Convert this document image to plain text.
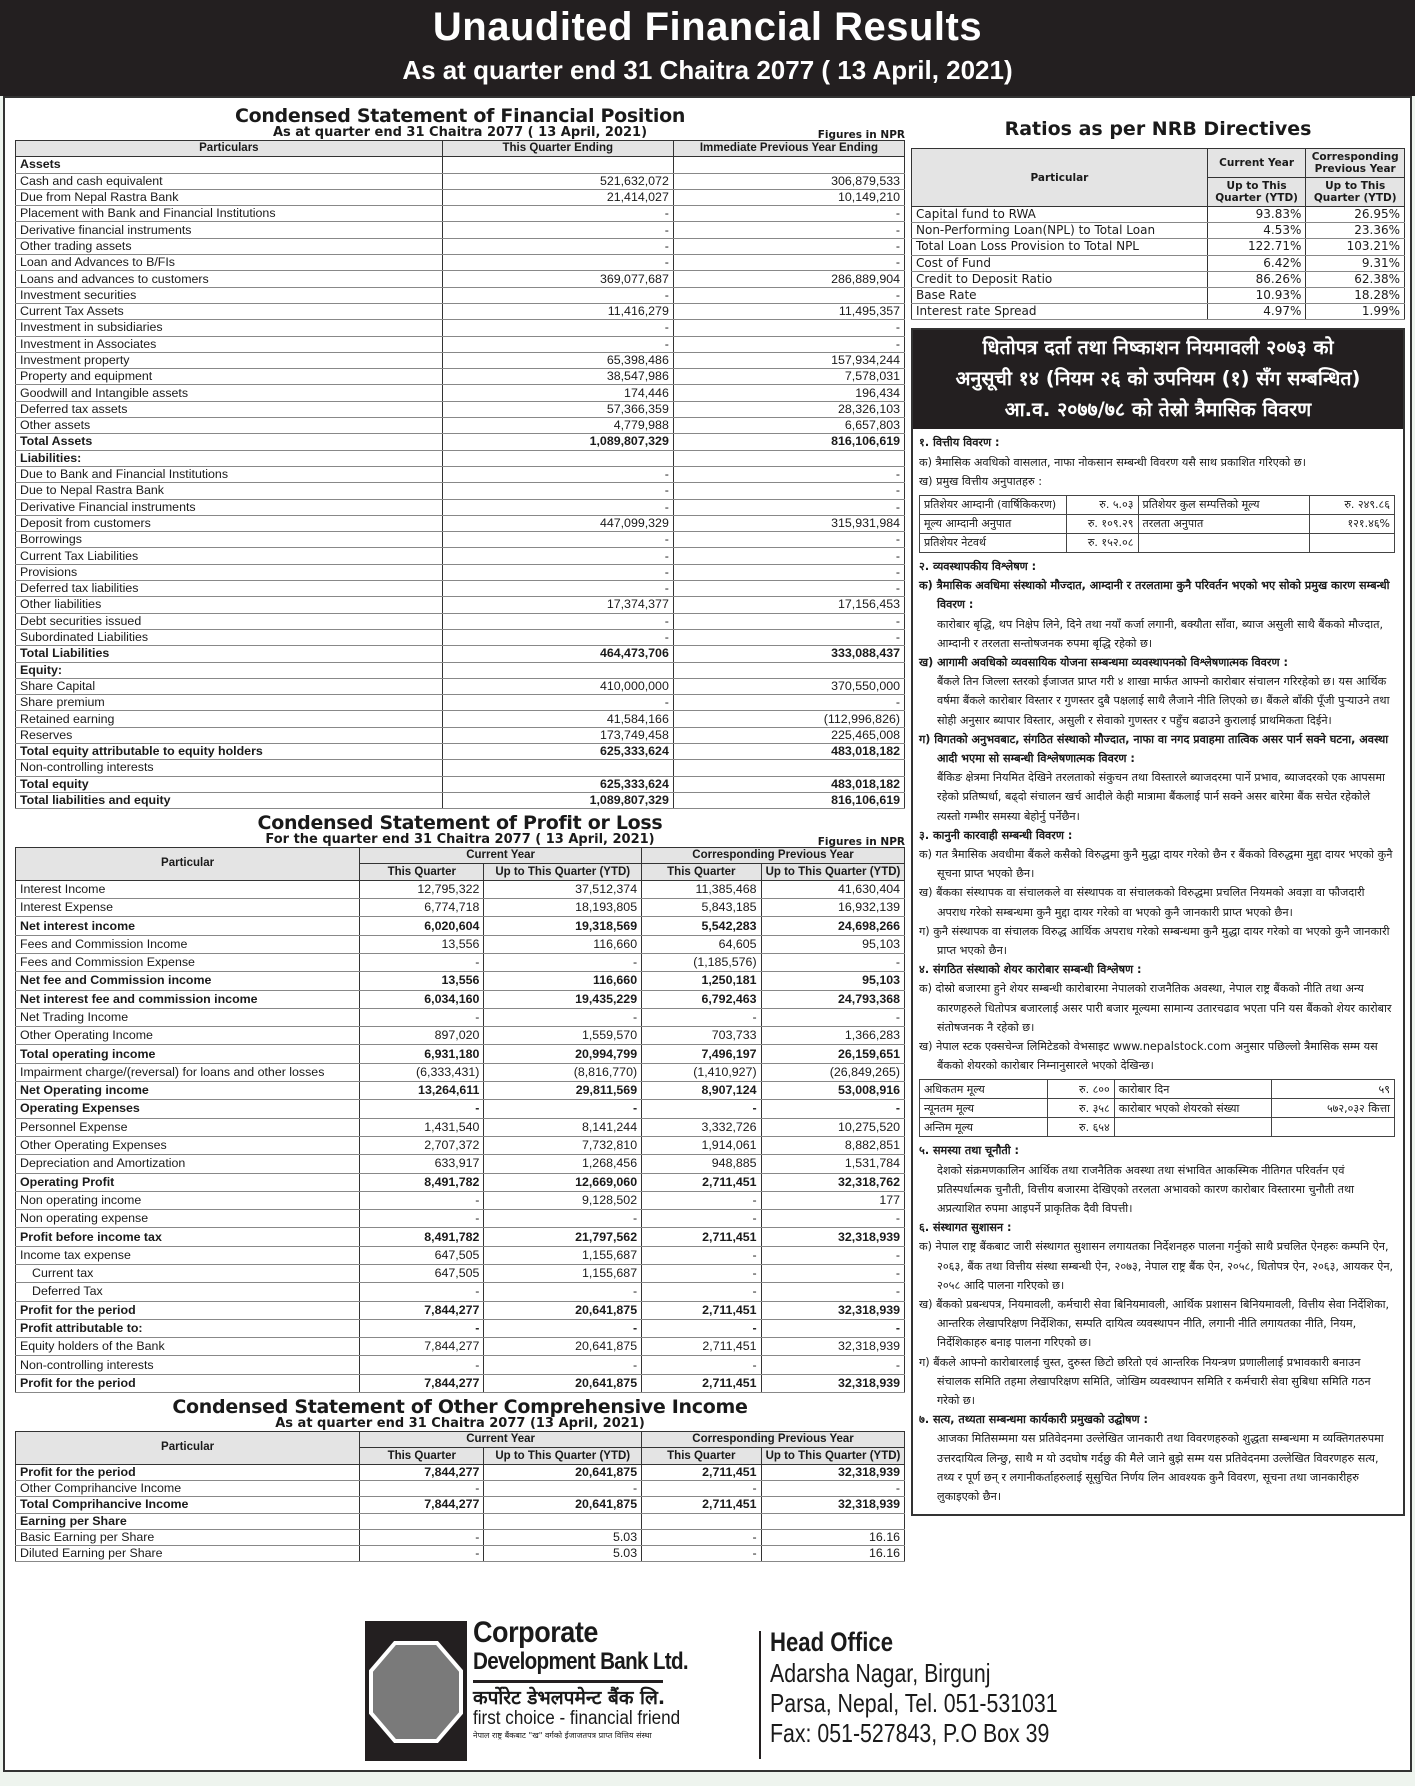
Unaudited Financial Results
As at quarter end 31 Chaitra 2077 ( 13 April, 2021)
Condensed Statement of Financial Position
As at quarter end 31 Chaitra 2077 ( 13 April, 2021)	Figures in NPR
Particulars	This Quarter Ending	Immediate Previous Year Ending
Assets		
Cash and cash equivalent	521,632,072	306,879,533
Due from Nepal Rastra Bank	21,414,027	10,149,210
Placement with Bank and Financial Institutions	-	-
Derivative financial instruments	-	-
Other trading assets	-	-
Loan and Advances to B/FIs	-	-
Loans and advances to customers	369,077,687	286,889,904
Investment securities	-	-
Current Tax Assets	11,416,279	11,495,357
Investment in subsidiaries	-	-
Investment in Associates	-	-
Investment property	65,398,486	157,934,244
Property and equipment	38,547,986	7,578,031
Goodwill and Intangible assets	174,446	196,434
Deferred tax assets	57,366,359	28,326,103
Other assets	4,779,988	6,657,803
Total Assets	1,089,807,329	816,106,619
Liabilities:		
Due to Bank and Financial Institutions	-	-
Due to Nepal Rastra Bank	-	-
Derivative Financial instruments	-	-
Deposit from customers	447,099,329	315,931,984
Borrowings	-	-
Current Tax Liabilities	-	-
Provisions	-	-
Deferred tax liabilities	-	-
Other liabilities	17,374,377	17,156,453
Debt securities issued	-	-
Subordinated Liabilities	-	-
Total Liabilities	464,473,706	333,088,437
Equity:		
Share Capital	410,000,000	370,550,000
Share premium	-	-
Retained earning	41,584,166	(112,996,826)
Reserves	173,749,458	225,465,008
Total equity attributable to equity holders	625,333,624	483,018,182
Non-controlling interests		
Total equity	625,333,624	483,018,182
Total liabilities and equity	1,089,807,329	816,106,619
Condensed Statement of Profit or Loss
For the quarter end 31 Chaitra 2077 ( 13 April, 2021)	Figures in NPR
Particular	Current Year		Corresponding Previous Year	
	This Quarter	Up to This Quarter (YTD)	This Quarter	Up to This Quarter (YTD)
Interest Income	12,795,322	37,512,374	11,385,468	41,630,404
Interest Expense	6,774,718	18,193,805	5,843,185	16,932,139
Net interest income	6,020,604	19,318,569	5,542,283	24,698,266
Fees and Commission Income	13,556	116,660	64,605	95,103
Fees and Commission Expense	-	-	(1,185,576)	-
Net fee and Commission income	13,556	116,660	1,250,181	95,103
Net interest fee and commission income	6,034,160	19,435,229	6,792,463	24,793,368
Net Trading Income	-	-	-	-
Other Operating Income	897,020	1,559,570	703,733	1,366,283
Total operating income	6,931,180	20,994,799	7,496,197	26,159,651
Impairment charge/(reversal) for loans and other losses	(6,333,431)	(8,816,770)	(1,410,927)	(26,849,265)
Net Operating income	13,264,611	29,811,569	8,907,124	53,008,916
Operating Expenses	-	-	-	-
Personnel Expense	1,431,540	8,141,244	3,332,726	10,275,520
Other Operating Expenses	2,707,372	7,732,810	1,914,061	8,882,851
Depreciation and Amortization	633,917	1,268,456	948,885	1,531,784
Operating Profit	8,491,782	12,669,060	2,711,451	32,318,762
Non operating income	-	9,128,502	-	177
Non operating expense	-	-	-	-
Profit before income tax	8,491,782	21,797,562	2,711,451	32,318,939
Income tax expense	647,505	1,155,687	-	-
Current tax	647,505	1,155,687	-	-
Deferred Tax	-	-	-	-
Profit for the period	7,844,277	20,641,875	2,711,451	32,318,939
Profit attributable to:	-	-	-	-
Equity holders of the Bank	7,844,277	20,641,875	2,711,451	32,318,939
Non-controlling interests	-	-	-	-
Profit for the period	7,844,277	20,641,875	2,711,451	32,318,939
Condensed Statement of Other Comprehensive Income
As at quarter end 31 Chaitra 2077 (13 April, 2021)
Particular	Current Year		Corresponding Previous Year	
	This Quarter	Up to This Quarter (YTD)	This Quarter	Up to This Quarter (YTD)
Profit for the period	7,844,277	20,641,875	2,711,451	32,318,939
Other Comprihancive Income	-	-	-	-
Total Comprihancive Income	7,844,277	20,641,875	2,711,451	32,318,939
Earning per Share				
Basic Earning per Share	-	5.03	-	16.16
Diluted Earning per Share	-	5.03	-	16.16
Ratios as per NRB Directives
Particular	Current Year	Corresponding Previous Year
	Up to This Quarter (YTD)	Up to This Quarter (YTD)
Capital fund to RWA	93.83%	26.95%
Non-Performing Loan(NPL) to Total Loan	4.53%	23.36%
Total Loan Loss Provision to Total NPL	122.71%	103.21%
Cost of Fund	6.42%	9.31%
Credit to Deposit Ratio	86.26%	62.38%
Base Rate	10.93%	18.28%
Interest rate Spread	4.97%	1.99%
धितोपत्र दर्ता तथा निष्काशन नियमावली २०७३ को
अनुसूची १४ (नियम २६ को उपनियम (१) सँग सम्बन्धित)
आ.व. २०७७/७८ को तेस्रो त्रैमासिक विवरण
१. वित्तीय विवरण :
क) त्रैमासिक अवधिको वासलात, नाफा नोकसान सम्बन्धी विवरण यसै साथ प्रकाशित गरिएको छ।
ख) प्रमुख वित्तीय अनुपातहरु :
प्रतिशेयर आम्दानी (वार्षिकिकरण)	रु. ५.०३	प्रतिशेयर कुल सम्पत्तिको मूल्य	रु. २४९.८६
मूल्य आम्दानी अनुपात	रु. १०९.२९	तरलता अनुपात	१२१.४६%
प्रतिशेयर नेटवर्थ	रु. १५२.०८		
२. व्यवस्थापकीय विश्लेषण :
क) त्रैमासिक अवधिमा संस्थाको मौज्दात, आम्दानी र तरलतामा कुनै परिवर्तन भएको भए सोको प्रमुख कारण सम्बन्धी विवरण :
कारोबार बृद्धि, थप निक्षेप लिने, दिने तथा नयाँ कर्जा लगानी, बक्यौता साँवा, ब्याज असुली साथै बैंकको मौज्दात, आम्दानी र तरलता सन्तोषजनक रुपमा बृद्धि रहेको छ।
ख) आगामी अवधिको व्यवसायिक योजना सम्बन्धमा व्यवस्थापनको विश्लेषणात्मक विवरण :
बैंकले तिन जिल्ला स्तरको ईजाजत प्राप्त गरी ४ शाखा मार्फत आफ्नो कारोबार संचालन गरिरहेको छ। यस आर्थिक वर्षमा बैंकले कारोबार विस्तार र गुणस्तर दुबै पक्षलाई साथै लैजाने नीति लिएको छ। बैंकले बाँकी पूँजी पुऱ्याउने तथा सोही अनुसार ब्यापार विस्तार, असुली र सेवाको गुणस्तर र पहुँच बढाउने कुरालाई प्राथमिकता दिईने।
ग) विगतको अनुभवबाट, संगठित संस्थाको मौज्दात, नाफा वा नगद प्रवाहमा तात्विक असर पार्न सक्ने घटना, अवस्था आदी भएमा सो सम्बन्धी विश्लेषणात्मक विवरण :
बैंकिङ क्षेत्रमा नियमित देखिने तरलताको संकुचन तथा विस्तारले ब्याजदरमा पार्ने प्रभाव, ब्याजदरको एक आपसमा रहेको प्रतिष्पर्धा, बढ्दो संचालन खर्च आदीले केही मात्रामा बैंकलाई पार्न सक्ने असर बारेमा बैंक सचेत रहेकोले त्यस्तो गम्भीर समस्या बेहोर्नु पर्नेछैन।
३. कानुनी कारवाही सम्बन्धी विवरण :
क) गत त्रैमासिक अवधीमा बैंकले कसैको विरुद्धमा कुनै मुद्धा दायर गरेको छैन र बैंकको विरुद्धमा मुद्दा दायर भएको कुनै सूचना प्राप्त भएको छैन।
ख) बैंकका संस्थापक वा संचालकले वा संस्थापक वा संचालकको विरुद्धमा प्रचलित नियमको अवज्ञा वा फौजदारी अपराध गरेको सम्बन्धमा कुनै मुद्दा दायर गरेको वा भएको कुनै जानकारी प्राप्त भएको छैन।
ग) कुनै संस्थापक वा संचालक विरुद्ध आर्थिक अपराध गरेको सम्बन्धमा कुनै मुद्धा दायर गरेको वा भएको कुनै जानकारी प्राप्त भएको छैन।
४. संगठित संस्थाको शेयर कारोबार सम्बन्धी विश्लेषण :
क) दोस्रो बजारमा हुने शेयर सम्बन्धी कारोबारमा नेपालको राजनैतिक अवस्था, नेपाल राष्ट्र बैंकको नीति तथा अन्य कारणहरुले धितोपत्र बजारलाई असर पारी बजार मूल्यमा सामान्य उतारचढाव भएता पनि यस बैंकको शेयर कारोबार संतोषजनक नै रहेको छ।
ख) नेपाल स्टक एक्सचेन्ज लिमिटेडको वेभसाइट www.nepalstock.com अनुसार पछिल्लो त्रैमासिक सम्म यस बैंकको शेयरको कारोबार निम्नानुसारले भएको देखिन्छ।
अधिकतम मूल्य	रु. ८००	कारोबार दिन	५९
न्यूनतम मूल्य	रु. ३५८	कारोबार भएको शेयरको संख्या	५७२,०३२ कित्ता
अन्तिम मूल्य	रु. ६५४		
५. समस्या तथा चूनौती :
देशको संक्रमणकालिन आर्थिक तथा राजनैतिक अवस्था तथा संभावित आकस्मिक नीतिगत परिवर्तन एवं प्रतिस्पर्धात्मक चुनौती, वित्तीय बजारमा देखिएको तरलता अभावको कारण कारोबार विस्तारमा चुनौती तथा अप्रत्याशित रुपमा आइपर्ने प्राकृतिक दैवी विपत्ती।
६. संस्थागत सुशासन :
क) नेपाल राष्ट्र बैंकबाट जारी संस्थागत सुशासन लगायतका निर्देशनहरु पालना गर्नुको साथै प्रचलित ऐनहरुः कम्पनि ऐन, २०६३, बैंक तथा वित्तीय संस्था सम्बन्धी ऐन, २०७३, नेपाल राष्ट्र बैंक ऐन, २०५८, धितोपत्र ऐन, २०६३, आयकर ऐन, २०५८ आदि पालना गरिएको छ।
ख) बैंकको प्रबन्धपत्र, नियमावली, कर्मचारी सेवा बिनियमावली, आर्थिक प्रशासन बिनियमावली, वित्तीय सेवा निर्देशिका, आन्तरिक लेखापरिक्षण निर्देशिका, सम्पति दायित्व व्यवस्थापन नीति, लगानी नीति लगायतका नीति, नियम, निर्देशिकाहरु बनाइ पालना गरिएको छ।
ग) बैंकले आफ्नो कारोबारलाई चुस्त, दुरुस्त छिटो छरितो एवं आन्तरिक नियन्त्रण प्रणालीलाई प्रभावकारी बनाउन संचालक समिति तहमा लेखापरिक्षण समिति, जोखिम व्यवस्थापन समिति र कर्मचारी सेवा सुबिधा समिति गठन गरेको छ।
७. सत्य, तथ्यता सम्बन्धमा कार्यकारी प्रमुखको उद्घोषण :
आजका मितिसम्ममा यस प्रतिवेदनमा उल्लेखित जानकारी तथा विवरणहरुको शुद्धता सम्बन्धमा म व्यक्तिगतरुपमा उत्तरदायित्व लिन्छु, साथै म यो उदघोष गर्दछु की मैले जाने बुझे सम्म यस प्रतिवेदनमा उल्लेखित विवरणहरु सत्य, तथ्य र पूर्ण छन् र लगानीकर्ताहरुलाई सूसुचित निर्णय लिन आवश्यक कुनै विवरण, सूचना तथा जानकारीहरु लुकाइएको छैन।
Corporate
Development Bank Ltd.
कर्पोरेट डेभलपमेन्ट बैंक लि.
first choice - financial friend
नेपाल राष्ट्र बैंकबाट "ख" वर्गको ईजाजतपत्र प्राप्त वित्तिय संस्था
Head Office
Adarsha Nagar, Birgunj
Parsa, Nepal, Tel. 051-531031
Fax: 051-527843, P.O Box 39
